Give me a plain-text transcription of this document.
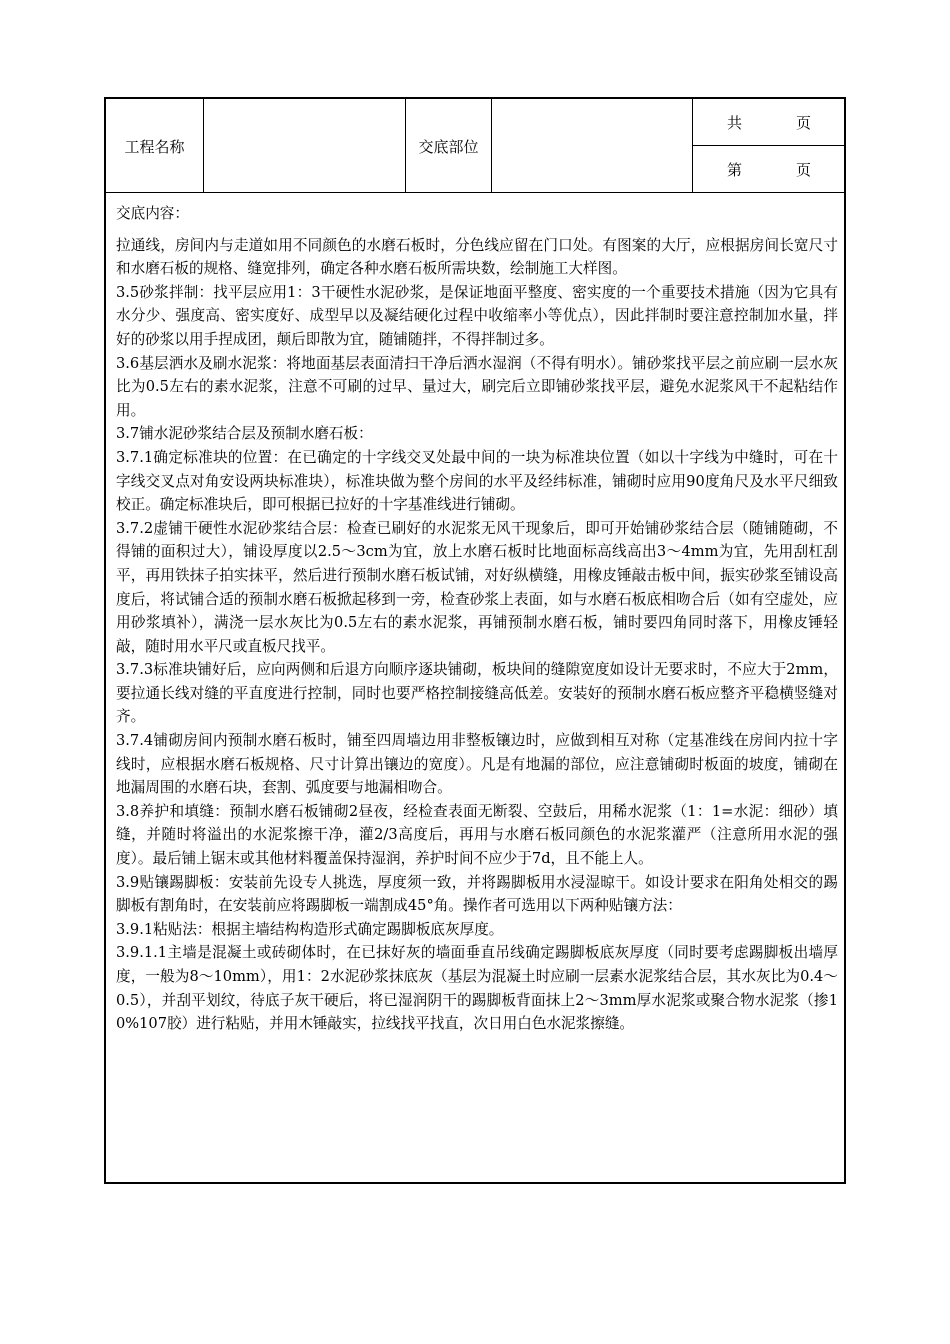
工程名称	交底部位
共	页
第	页

交底内容：

拉通线，房间内与走道如用不同颜色的水磨石板时，分色线应留在门口处。有图案的大厅，应根据房间长宽尺寸和水磨石板的规格、缝宽排列，确定各种水磨石板所需块数，绘制施工大样图。

3.5砂浆拌制：找平层应用1：3干硬性水泥砂浆，是保证地面平整度、密实度的一个重要技术措施（因为它具有水分少、强度高、密实度好、成型早以及凝结硬化过程中收缩率小等优点），因此拌制时要注意控制加水量，拌好的砂浆以用手捏成团，颠后即散为宜，随铺随拌，不得拌制过多。

3.6基层洒水及刷水泥浆：将地面基层表面清扫干净后洒水湿润（不得有明水）。铺砂浆找平层之前应刷一层水灰比为0.5左右的素水泥浆，注意不可刷的过早、量过大，刷完后立即铺砂浆找平层，避免水泥浆风干不起粘结作用。

3.7铺水泥砂浆结合层及预制水磨石板：

3.7.1确定标准块的位置：在已确定的十字线交叉处最中间的一块为标准块位置（如以十字线为中缝时，可在十字线交叉点对角安设两块标准块），标准块做为整个房间的水平及经纬标准，铺砌时应用90度角尺及水平尺细致校正。确定标准块后，即可根据已拉好的十字基准线进行铺砌。

3.7.2虚铺干硬性水泥砂浆结合层：检查已刷好的水泥浆无风干现象后，即可开始铺砂浆结合层（随铺随砌，不得铺的面积过大），铺设厚度以2.5～3cm为宜，放上水磨石板时比地面标高线高出3～4mm为宜，先用刮杠刮平，再用铁抹子拍实抹平，然后进行预制水磨石板试铺，对好纵横缝，用橡皮锤敲击板中间，振实砂浆至铺设高度后，将试铺合适的预制水磨石板掀起移到一旁，检查砂浆上表面，如与水磨石板底相吻合后（如有空虚处，应用砂浆填补），满浇一层水灰比为0.5左右的素水泥浆，再铺预制水磨石板，铺时要四角同时落下，用橡皮锤轻敲，随时用水平尺或直板尺找平。

3.7.3标准块铺好后，应向两侧和后退方向顺序逐块铺砌，板块间的缝隙宽度如设计无要求时，不应大于2mm，要拉通长线对缝的平直度进行控制，同时也要严格控制接缝高低差。安装好的预制水磨石板应整齐平稳横竖缝对齐。

3.7.4铺砌房间内预制水磨石板时，铺至四周墙边用非整板镶边时，应做到相互对称（定基准线在房间内拉十字线时，应根据水磨石板规格、尺寸计算出镶边的宽度）。凡是有地漏的部位，应注意铺砌时板面的坡度，铺砌在地漏周围的水磨石块，套割、弧度要与地漏相吻合。

3.8养护和填缝：预制水磨石板铺砌2昼夜，经检查表面无断裂、空鼓后，用稀水泥浆（1：1=水泥：细砂）填缝，并随时将溢出的水泥浆擦干净，灌2/3高度后，再用与水磨石板同颜色的水泥浆灌严（注意所用水泥的强度）。最后铺上锯末或其他材料覆盖保持湿润，养护时间不应少于7d，且不能上人。

3.9贴镶踢脚板：安装前先设专人挑选，厚度须一致，并将踢脚板用水浸湿晾干。如设计要求在阳角处相交的踢脚板有割角时，在安装前应将踢脚板一端割成45°角。操作者可选用以下两种贴镶方法：

3.9.1粘贴法：根据主墙结构构造形式确定踢脚板底灰厚度。

3.9.1.1主墙是混凝土或砖砌体时，在已抹好灰的墙面垂直吊线确定踢脚板底灰厚度（同时要考虑踢脚板出墙厚度，一般为8～10mm），用1：2水泥砂浆抹底灰（基层为混凝土时应刷一层素水泥浆结合层，其水灰比为0.4～0.5），并刮平划纹，待底子灰干硬后，将已湿润阴干的踢脚板背面抹上2～3mm厚水泥浆或聚合物水泥浆（掺10%107胶）进行粘贴，并用木锤敲实，拉线找平找直，次日用白色水泥浆擦缝。
